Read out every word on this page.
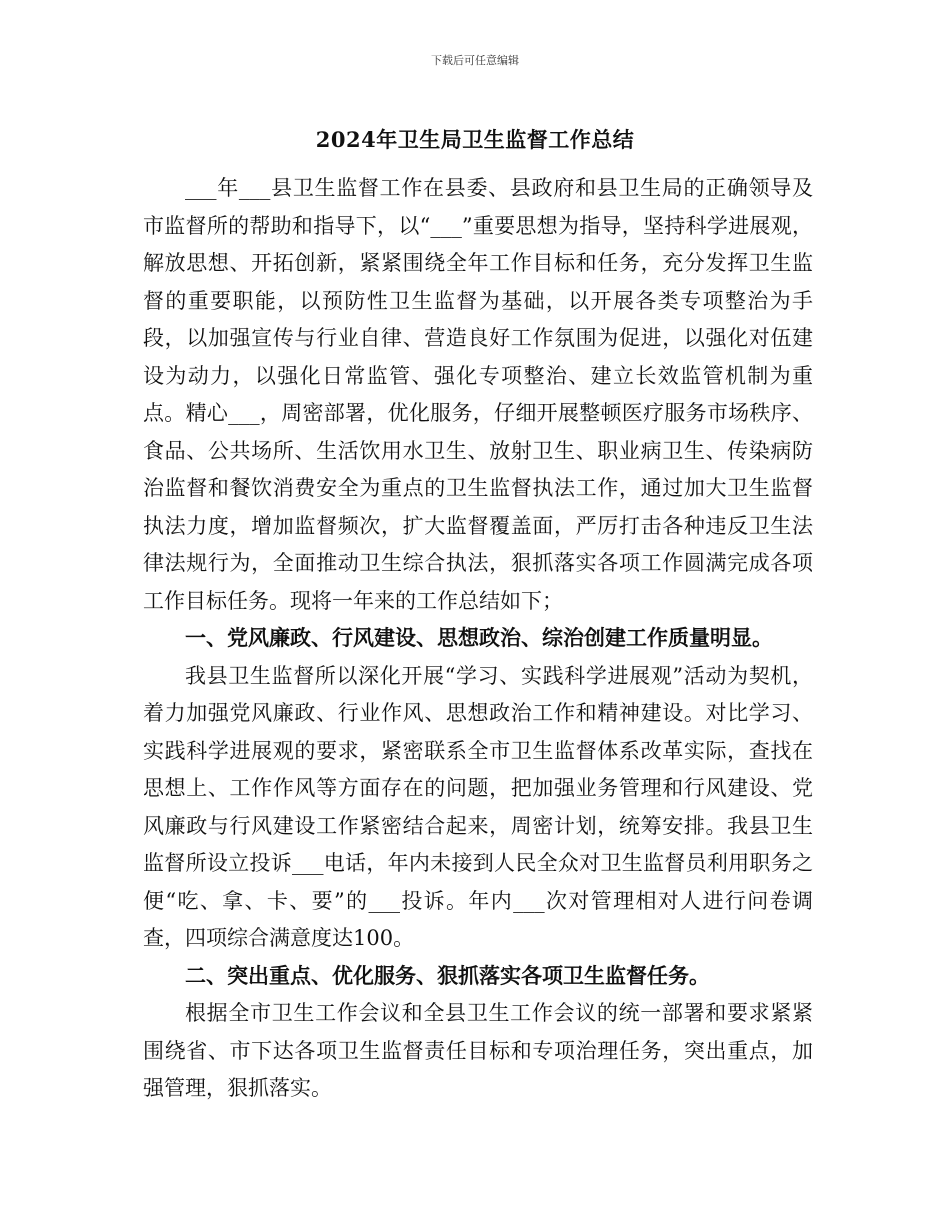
下载后可任意编辑
2024年卫生局卫生监督工作总结

___年___县卫生监督工作在县委、县政府和县卫生局的正确领导及市监督所的帮助和指导下，以“___”重要思想为指导，坚持科学进展观，解放思想、开拓创新，紧紧围绕全年工作目标和任务，充分发挥卫生监督的重要职能，以预防性卫生监督为基础，以开展各类专项整治为手段，以加强宣传与行业自律、营造良好工作氛围为促进，以强化对伍建设为动力，以强化日常监管、强化专项整治、建立长效监管机制为重点。精心___，周密部署，优化服务，仔细开展整顿医疗服务市场秩序、食品、公共场所、生活饮用水卫生、放射卫生、职业病卫生、传染病防治监督和餐饮消费安全为重点的卫生监督执法工作，通过加大卫生监督执法力度，增加监督频次，扩大监督覆盖面，严厉打击各种违反卫生法律法规行为，全面推动卫生综合执法，狠抓落实各项工作圆满完成各项工作目标任务。现将一年来的工作总结如下；

一、党风廉政、行风建设、思想政治、综治创建工作质量明显。

我县卫生监督所以深化开展“学习、实践科学进展观”活动为契机，着力加强党风廉政、行业作风、思想政治工作和精神建设。对比学习、实践科学进展观的要求，紧密联系全市卫生监督体系改革实际，查找在思想上、工作作风等方面存在的问题，把加强业务管理和行风建设、党风廉政与行风建设工作紧密结合起来，周密计划，统筹安排。我县卫生监督所设立投诉___电话，年内未接到人民全众对卫生监督员利用职务之便“吃、拿、卡、要”的___投诉。年内___次对管理相对人进行问卷调查，四项综合满意度达100。

二、突出重点、优化服务、狠抓落实各项卫生监督任务。

根据全市卫生工作会议和全县卫生工作会议的统一部署和要求紧紧围绕省、市下达各项卫生监督责任目标和专项治理任务，突出重点，加强管理，狠抓落实。
